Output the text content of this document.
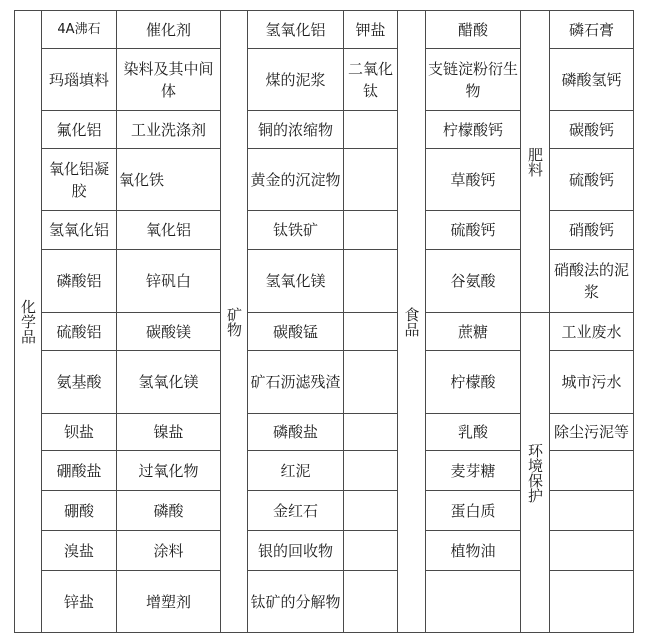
化学品	矿物	食品
肥料
环境保护
4A沸石
玛瑙填料
氟化铝
氧化铝凝胶
氢氧化铝
磷酸铝
硫酸铝
氨基酸
钡盐
硼酸盐
硼酸
溴盐
锌盐
催化剂
染料及其中间体
工业洗涤剂
氧化铁
氧化铝
锌矾白
碳酸镁
氢氧化镁
镍盐
过氧化物
磷酸
涂料
增塑剂
氢氧化铝
煤的泥浆
铜的浓缩物
黄金的沉淀物
钛铁矿
氢氧化镁
碳酸锰
矿石沥滤残渣
磷酸盐
红泥
金红石
银的回收物
钛矿的分解物
钾盐
二氧化钛
醋酸
支链淀粉衍生物
柠檬酸钙
草酸钙
硫酸钙
谷氨酸
蔗糖
柠檬酸
乳酸
麦芽糖
蛋白质
植物油
磷石膏
磷酸氢钙
碳酸钙
硫酸钙
硝酸钙
硝酸法的泥浆
工业废水
城市污水
除尘污泥等
